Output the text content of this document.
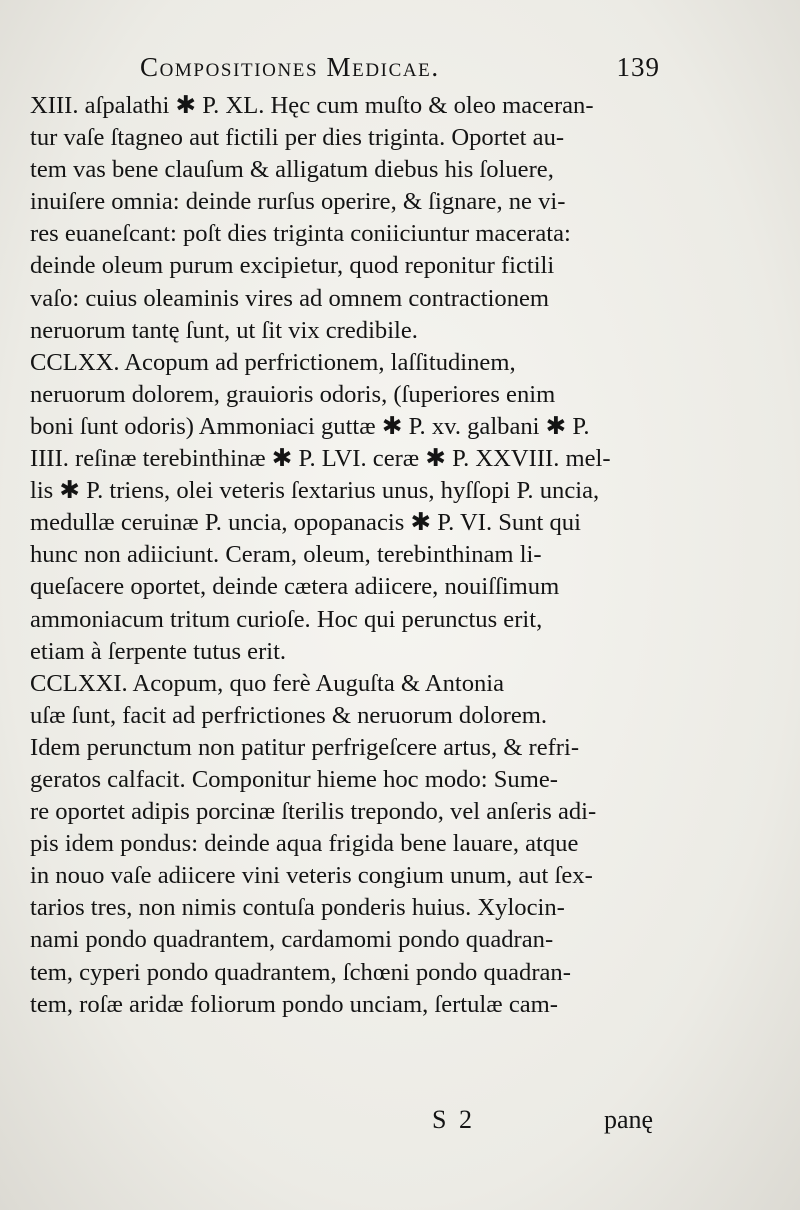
Compositiones Medicae.	139
XIII. aſpalathi ✱ P. XL. Hęc cum muſto & oleo maceran-
tur vaſe ſtagneo aut fictili per dies triginta. Oportet au-
tem vas bene clauſum & alligatum diebus his ſoluere,
inuiſere omnia: deinde rurſus operire, & ſignare, ne vi-
res euaneſcant: poſt dies triginta coniiciuntur macerata:
deinde oleum purum excipietur, quod reponitur fictili
vaſo: cuius oleaminis vires ad omnem contractionem
neruorum tantę ſunt, ut ſit vix credibile.
CCLXX. Acopum ad perfrictionem, laſſitudinem,
neruorum dolorem, grauioris odoris, (ſuperiores enim
boni ſunt odoris) Ammoniaci guttæ ✱ P. xv. galbani ✱ P.
IIII. reſinæ terebinthinæ ✱ P. LVI. ceræ ✱ P. XXVIII. mel-
lis ✱ P. triens, olei veteris ſextarius unus, hyſſopi P. uncia,
medullæ ceruinæ P. uncia, opopanacis ✱ P. VI. Sunt qui
hunc non adiiciunt. Ceram, oleum, terebinthinam li-
queſacere oportet, deinde cætera adiicere, nouiſſimum
ammoniacum tritum curioſe. Hoc qui perunctus erit,
etiam à ſerpente tutus erit.
CCLXXI. Acopum, quo ferè Auguſta & Antonia
uſæ ſunt, facit ad perfrictiones & neruorum dolorem.
Idem perunctum non patitur perfrigeſcere artus, & refri-
geratos calfacit. Componitur hieme hoc modo: Sume-
re oportet adipis porcinæ ſterilis trepondo, vel anſeris adi-
pis idem pondus: deinde aqua frigida bene lauare, atque
in nouo vaſe adiicere vini veteris congium unum, aut ſex-
tarios tres, non nimis contuſa ponderis huius. Xylocin-
nami pondo quadrantem, cardamomi pondo quadran-
tem, cyperi pondo quadrantem, ſchœni pondo quadran-
tem, roſæ aridæ foliorum pondo unciam, ſertulæ cam-
S 2	panę
